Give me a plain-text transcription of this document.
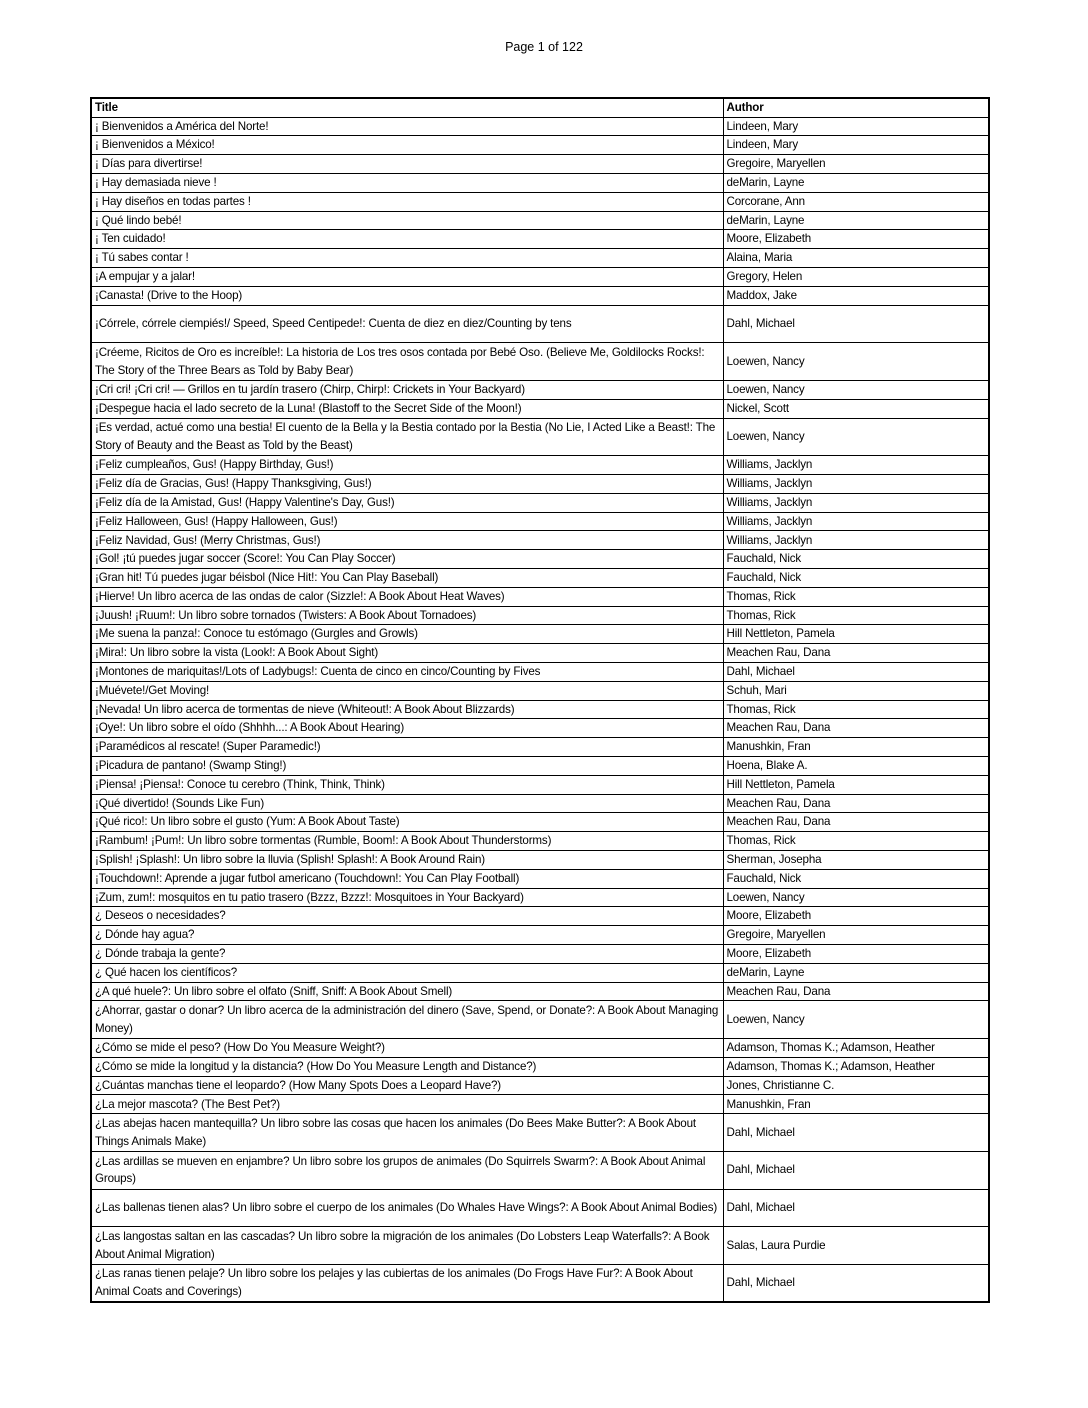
Page 1 of 122
Title	Author
¡ Bienvenidos a América del Norte!	Lindeen, Mary
¡ Bienvenidos a México!	Lindeen, Mary
¡ Días para divertirse!	Gregoire, Maryellen
¡ Hay demasiada nieve !	deMarin, Layne
¡ Hay diseños en todas partes !	Corcorane, Ann
¡ Qué lindo bebé!	deMarin, Layne
¡ Ten cuidado!	Moore, Elizabeth
¡ Tú sabes contar !	Alaina, Maria
¡A empujar y a jalar!	Gregory, Helen
¡Canasta! (Drive to the Hoop)	Maddox, Jake
¡Córrele, córrele ciempiés!/ Speed, Speed Centipede!: Cuenta de diez en diez/Counting by tens	Dahl, Michael
¡Créeme, Ricitos de Oro es increíble!: La historia de Los tres osos contada por Bebé Oso. (Believe Me, Goldilocks Rocks!: The Story of the Three Bears as Told by Baby Bear)	Loewen, Nancy
¡Cri cri! ¡Cri cri! — Grillos en tu jardín trasero (Chirp, Chirp!: Crickets in Your Backyard)	Loewen, Nancy
¡Despegue hacia el lado secreto de la Luna! (Blastoff to the Secret Side of the Moon!)	Nickel, Scott
¡Es verdad, actué como una bestia! El cuento de la Bella y la Bestia contado por la Bestia (No Lie, I Acted Like a Beast!: The Story of Beauty and the Beast as Told by the Beast)	Loewen, Nancy
¡Feliz cumpleaños, Gus! (Happy Birthday, Gus!)	Williams, Jacklyn
¡Feliz día de Gracias, Gus! (Happy Thanksgiving, Gus!)	Williams, Jacklyn
¡Feliz día de la Amistad, Gus! (Happy Valentine's Day, Gus!)	Williams, Jacklyn
¡Feliz Halloween, Gus! (Happy Halloween, Gus!)	Williams, Jacklyn
¡Feliz Navidad, Gus! (Merry Christmas, Gus!)	Williams, Jacklyn
¡Gol! ¡tú puedes jugar soccer (Score!: You Can Play Soccer)	Fauchald, Nick
¡Gran hit! Tú puedes jugar béisbol (Nice Hit!: You Can Play Baseball)	Fauchald, Nick
¡Hierve! Un libro acerca de las ondas de calor (Sizzle!: A Book About Heat Waves)	Thomas, Rick
¡Juush! ¡Ruum!: Un libro sobre tornados (Twisters: A Book About Tornadoes)	Thomas, Rick
¡Me suena la panza!: Conoce tu estómago (Gurgles and Growls)	Hill Nettleton, Pamela
¡Mira!: Un libro sobre la vista (Look!: A Book About Sight)	Meachen Rau, Dana
¡Montones de mariquitas!/Lots of Ladybugs!: Cuenta de cinco en cinco/Counting by Fives	Dahl, Michael
¡Muévete!/Get Moving!	Schuh, Mari
¡Nevada! Un libro acerca de tormentas de nieve (Whiteout!: A Book About Blizzards)	Thomas, Rick
¡Oye!: Un libro sobre el oído (Shhhh...: A Book About Hearing)	Meachen Rau, Dana
¡Paramédicos al rescate! (Super Paramedic!)	Manushkin, Fran
¡Picadura de pantano! (Swamp Sting!)	Hoena, Blake A.
¡Piensa! ¡Piensa!: Conoce tu cerebro (Think, Think, Think)	Hill Nettleton, Pamela
¡Qué divertido! (Sounds Like Fun)	Meachen Rau, Dana
¡Qué rico!: Un libro sobre el gusto (Yum: A Book About Taste)	Meachen Rau, Dana
¡Rambum! ¡Pum!: Un libro sobre tormentas (Rumble, Boom!: A Book About Thunderstorms)	Thomas, Rick
¡Splish! ¡Splash!: Un libro sobre la lluvia (Splish! Splash!: A Book Around Rain)	Sherman, Josepha
¡Touchdown!: Aprende a jugar futbol americano (Touchdown!: You Can Play Football)	Fauchald, Nick
¡Zum, zum!: mosquitos en tu patio trasero (Bzzz, Bzzz!: Mosquitoes in Your Backyard)	Loewen, Nancy
¿ Deseos o necesidades?	Moore, Elizabeth
¿ Dónde hay agua?	Gregoire, Maryellen
¿ Dónde trabaja la gente?	Moore, Elizabeth
¿ Qué hacen los científicos?	deMarin, Layne
¿A qué huele?: Un libro sobre el olfato (Sniff, Sniff: A Book About Smell)	Meachen Rau, Dana
¿Ahorrar, gastar o donar? Un libro acerca de la administración del dinero (Save, Spend, or Donate?: A Book About Managing Money)	Loewen, Nancy
¿Cómo se mide el peso? (How Do You Measure Weight?)	Adamson, Thomas K.; Adamson, Heather
¿Cómo se mide la longitud y la distancia? (How Do You Measure Length and Distance?)	Adamson, Thomas K.; Adamson, Heather
¿Cuántas manchas tiene el leopardo? (How Many Spots Does a Leopard Have?)	Jones, Christianne C.
¿La mejor mascota? (The Best Pet?)	Manushkin, Fran
¿Las abejas hacen mantequilla? Un libro sobre las cosas que hacen los animales (Do Bees Make Butter?: A Book About Things Animals Make)	Dahl, Michael
¿Las ardillas se mueven en enjambre? Un libro sobre los grupos de animales (Do Squirrels Swarm?: A Book About Animal Groups)	Dahl, Michael
¿Las ballenas tienen alas? Un libro sobre el cuerpo de los animales (Do Whales Have Wings?: A Book About Animal Bodies)	Dahl, Michael
¿Las langostas saltan en las cascadas? Un libro sobre la migración de los animales (Do Lobsters Leap Waterfalls?: A Book About Animal Migration)	Salas, Laura Purdie
¿Las ranas tienen pelaje? Un libro sobre los pelajes y las cubiertas de los animales (Do Frogs Have Fur?: A Book About Animal Coats and Coverings)	Dahl, Michael
